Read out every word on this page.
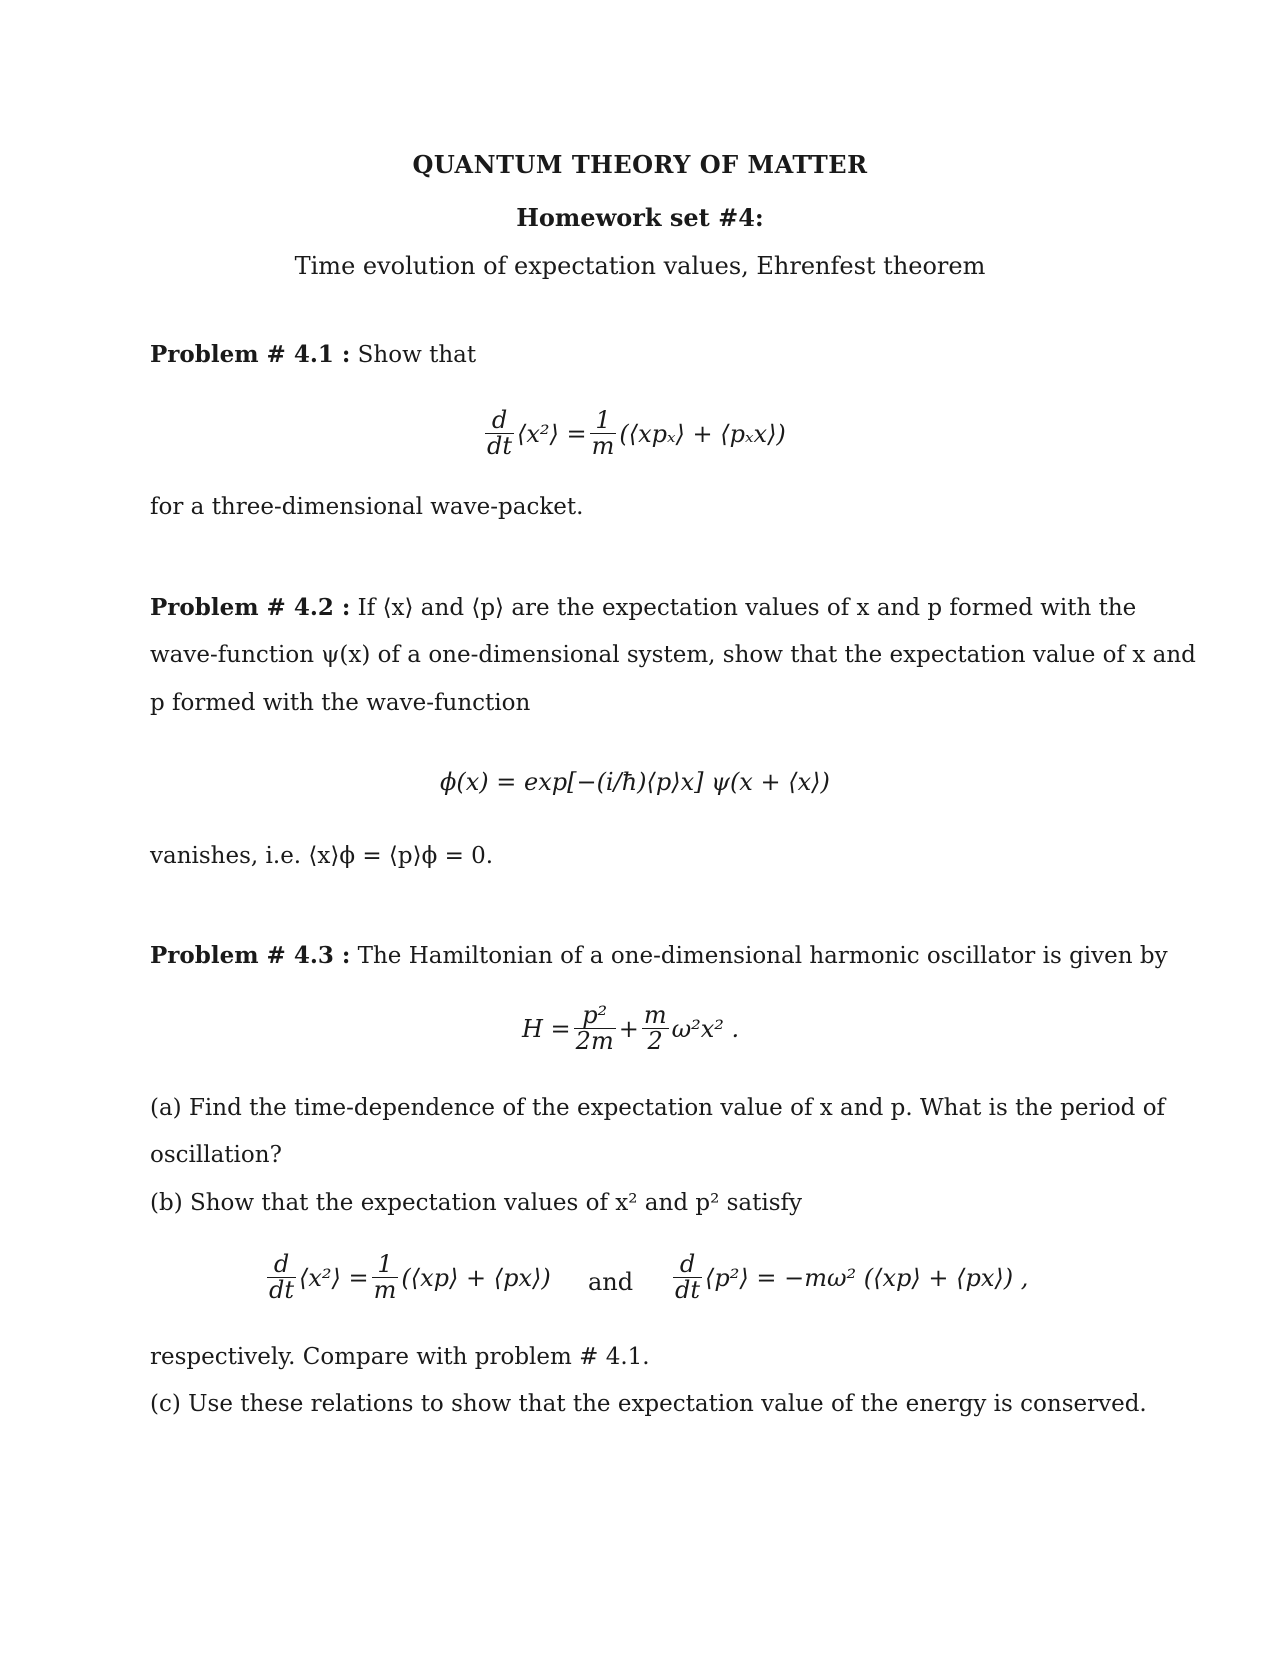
QUANTUM THEORY OF MATTER
Homework set #4:
Time evolution of expectation values, Ehrenfest theorem
Problem # 4.1 : Show that
$\frac{d}{dt}$ ⟨x²⟩ = $\frac{1}{m}$ (⟨xpₓ⟩ + ⟨pₓx⟩)
for a three-dimensional wave-packet.
Problem # 4.2 : If ⟨x⟩ and ⟨p⟩ are the expectation values of x and p formed with the
wave-function ψ(x) of a one-dimensional system, show that the expectation value of x and
p formed with the wave-function
ϕ(x) = exp[−(i/ħ)⟨p⟩x] ψ(x + ⟨x⟩)
vanishes, i.e. ⟨x⟩ϕ = ⟨p⟩ϕ = 0.
Problem # 4.3 : The Hamiltonian of a one-dimensional harmonic oscillator is given by
$H = \frac{\text{p²}}{2m} + \frac{m}{2} \omega^2x^2$ .
(a) Find the time-dependence of the expectation value of x and p. What is the period of
oscillation?
(b) Show that the expectation values of x² and p² satisfy
$\frac{d}{dt}$ ⟨x²⟩ = $\frac{1}{m}$ (⟨xp⟩ + ⟨px⟩) and $\frac{d}{dt}$ ⟨p²⟩ = −mω² (⟨xp⟩ + ⟨px⟩) ,
respectively. Compare with problem # 4.1.
(c) Use these relations to show that the expectation value of the energy is conserved.
